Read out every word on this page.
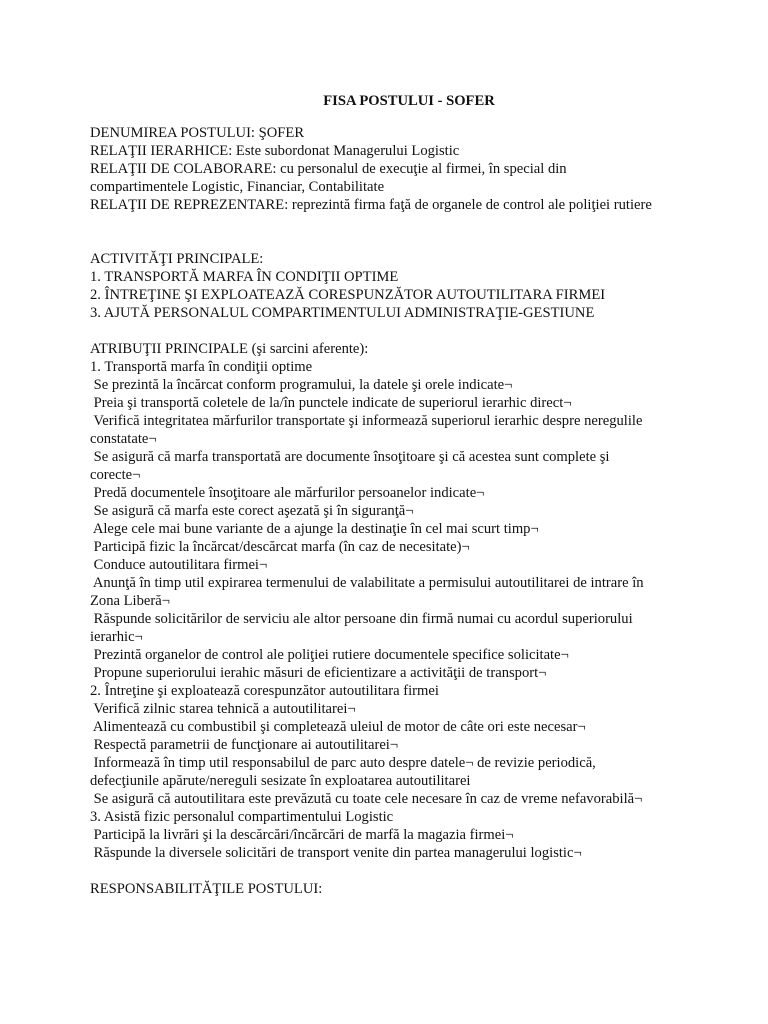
FISA POSTULUI - SOFER
DENUMIREA POSTULUI: ŞOFER
RELAŢII IERARHICE: Este subordonat Managerului Logistic
RELAŢII DE COLABORARE: cu personalul de execuţie al firmei, în special din
compartimentele Logistic, Financiar, Contabilitate
RELAŢII DE REPREZENTARE: reprezintă firma faţă de organele de control ale poliţiei rutiere
ACTIVITĂŢI PRINCIPALE:
1. TRANSPORTĂ MARFA ÎN CONDIŢII OPTIME
2. ÎNTREŢINE ŞI EXPLOATEAZĂ CORESPUNZĂTOR AUTOUTILITARA FIRMEI
3. AJUTĂ PERSONALUL COMPARTIMENTULUI ADMINISTRAŢIE-GESTIUNE
ATRIBUŢII PRINCIPALE (şi sarcini aferente):
1. Transportă marfa în condiţii optime
Se prezintă la încărcat conform programului, la datele şi orele indicate¬
Preia şi transportă coletele de la/în punctele indicate de superiorul ierarhic direct¬
Verifică integritatea mărfurilor transportate şi informează superiorul ierarhic despre neregulile
constatate¬
Se asigură că marfa transportată are documente însoţitoare şi că acestea sunt complete şi
corecte¬
Predă documentele însoţitoare ale mărfurilor persoanelor indicate¬
Se asigură că marfa este corect aşezată şi în siguranţă¬
Alege cele mai bune variante de a ajunge la destinaţie în cel mai scurt timp¬
Participă fizic la încărcat/descărcat marfa (în caz de necesitate)¬
Conduce autoutilitara firmei¬
Anunţă în timp util expirarea termenului de valabilitate a permisului autoutilitarei de intrare în
Zona Liberă¬
Răspunde solicitărilor de serviciu ale altor persoane din firmă numai cu acordul superiorului
ierarhic¬
Prezintă organelor de control ale poliţiei rutiere documentele specifice solicitate¬
Propune superiorului ierahic măsuri de eficientizare a activităţii de transport¬
2. Întreţine şi exploatează corespunzător autoutilitara firmei
Verifică zilnic starea tehnică a autoutilitarei¬
Alimentează cu combustibil şi completează uleiul de motor de câte ori este necesar¬
Respectă parametrii de funcţionare ai autoutilitarei¬
Informează în timp util responsabilul de parc auto despre datele¬ de revizie periodică,
defecţiunile apărute/nereguli sesizate în exploatarea autoutilitarei
Se asigură că autoutilitara este prevăzută cu toate cele necesare în caz de vreme nefavorabilă¬
3. Asistă fizic personalul compartimentului Logistic
Participă la livrări şi la descărcări/încărcări de marfă la magazia firmei¬
Răspunde la diversele solicitări de transport venite din partea managerului logistic¬
RESPONSABILITĂŢILE POSTULUI:
